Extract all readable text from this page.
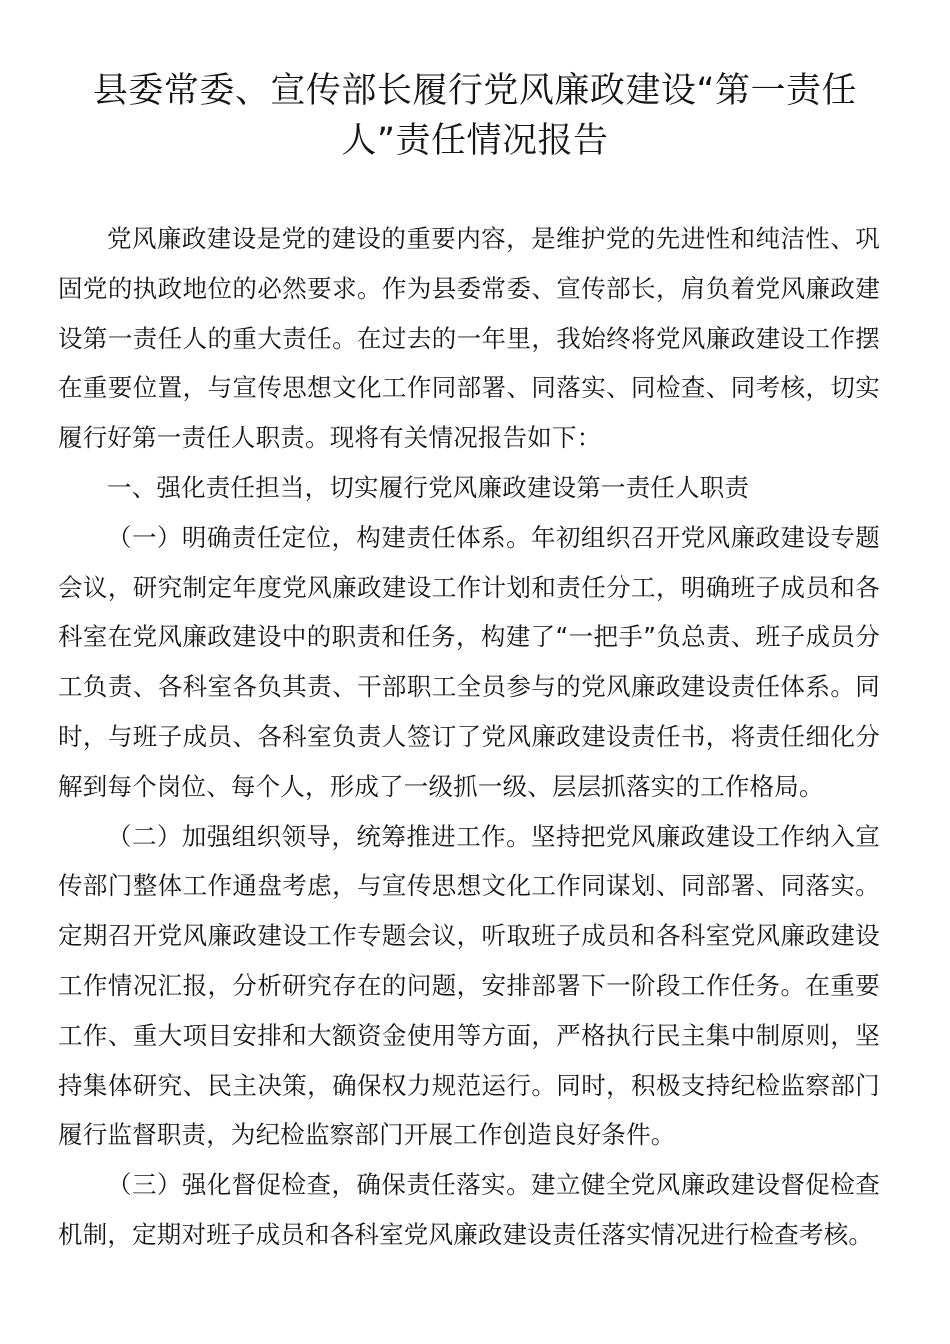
县委常委、宣传部长履行党风廉政建设“第一责任人”责任情况报告

党风廉政建设是党的建设的重要内容，是维护党的先进性和纯洁性、巩固党的执政地位的必然要求。作为县委常委、宣传部长，肩负着党风廉政建设第一责任人的重大责任。在过去的一年里，我始终将党风廉政建设工作摆在重要位置，与宣传思想文化工作同部署、同落实、同检查、同考核，切实履行好第一责任人职责。现将有关情况报告如下：

一、强化责任担当，切实履行党风廉政建设第一责任人职责

（一）明确责任定位，构建责任体系。年初组织召开党风廉政建设专题会议，研究制定年度党风廉政建设工作计划和责任分工，明确班子成员和各科室在党风廉政建设中的职责和任务，构建了“一把手”负总责、班子成员分工负责、各科室各负其责、干部职工全员参与的党风廉政建设责任体系。同时，与班子成员、各科室负责人签订了党风廉政建设责任书，将责任细化分解到每个岗位、每个人，形成了一级抓一级、层层抓落实的工作格局。

（二）加强组织领导，统筹推进工作。坚持把党风廉政建设工作纳入宣传部门整体工作通盘考虑，与宣传思想文化工作同谋划、同部署、同落实。定期召开党风廉政建设工作专题会议，听取班子成员和各科室党风廉政建设工作情况汇报，分析研究存在的问题，安排部署下一阶段工作任务。在重要工作、重大项目安排和大额资金使用等方面，严格执行民主集中制原则，坚持集体研究、民主决策，确保权力规范运行。同时，积极支持纪检监察部门履行监督职责，为纪检监察部门开展工作创造良好条件。

（三）强化督促检查，确保责任落实。建立健全党风廉政建设督促检查机制，定期对班子成员和各科室党风廉政建设责任落实情况进行检查考核。
